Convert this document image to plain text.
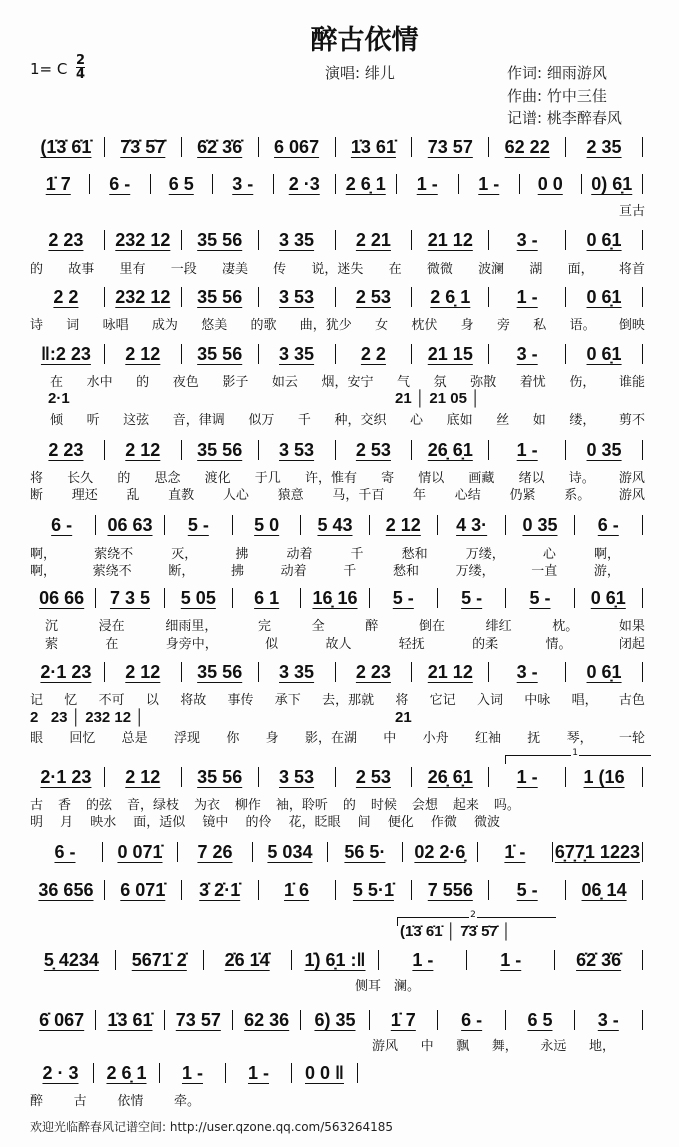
醉古依情
1= C 2
4	演唱: 绯儿	作词: 细雨游风
作曲: 竹中三佳
记谱: 桃李醉春风
(1̇3̇ 6̇1̇	7̇3̇ 5̇7̇	6̇2̇ 3̇6̇	6 067	1̇3 61̇	73 57	62 22	2 35
1̇ 7	6 -	6 5	3 -	2 ·3	2 6̣ 1	1 -	1 -	0 0	0) 6̣1
亘古
2 23	232 12	35 56	3 35	2 21	21 12	3 -	0 6̣1
的 故事 里有 一段 凄美 传 说，迷失 在 微微 波澜 湖 面， 将首
2 2	232 12	35 56	3 53	2 53	2 6̣ 1	1 -	0 6̣1
诗 词 咏唱 成为 悠美 的歌 曲，犹少 女 枕伏 身 旁 私 语。 倒映
‖:2 23	2 12	35 56	3 35	2 2	21 15	3 -	0 6̣1
在 水中 的 夜色 影子 如云 烟，安宁 气 氛 弥散 着忧 伤， 谁能
倾 听 这弦 音，律调 似万 千 种，交织 心 底如 丝 如 缕， 剪不
2·1	21 │ 21 05 │
2 23	2 12	35 56	3 53	2 53	26̣ 6̣1	1 -	0 35
将 长久 的 思念 渡化 于几 许，惟有 寄 情以 画藏 绪以 诗。 游风
断 理还 乱 直教 人心 猿意 马，千百 年 心结 仍紧 系。 游风
6 -	06 63	5 -	5 0	5 43	2 12	4 3·	0 35	6 -
啊，	萦绕不	灭，	拂	动着	千	愁和	万缕，	心	啊，
啊，	萦绕不	断，	拂	动着	千	愁和	万缕，	一直	游，
06 66	7 3 5	5 05	6 1	16̣ 16	5 -	5 -	5 -	0 6̣1
沉	浸在	细雨里，	完	全	醉	倒在	绯红	枕。	如果
萦	在	身旁中，	似	故人	轻抚	的柔	情。	闭起
2·1 23	2 12	35 56	3 35	2 23	21 12	3 -	0 6̣1
记 忆 不可 以 将故 事传 承下 去，那就 将 它记 入词 中咏 唱， 古色
眼 回忆 总是 浮现 你 身 影，在湖 中 小舟 红袖 抚 琴， 一轮
2   23 │ 232 12 │	21
2·1 23	2 12	35 56	3 53	2 53	26̣ 6̣1	1 -	1 (16
古 香 的弦 音，绿枝 为衣 柳作 袖，聆听 的 时候 会想 起来 吗。
明 月 映水 面，适似 镜中 的伶 花，眨眼 间 便化 作微 微波
1
6 -	0 071̇	7 26	5 034	56 5·	02 2·6̣	1̇ -	6̣7̣7̣1 1223
36 656	6 071̇	3̇ 2̇·1̇	1̇ 6	5 5·1̇	7 556	5 -	06̣ 14
5̣ 4234	5671̇ 2̇	2̇6 1̇4̇	1̇) 6̣1 :‖	1 -	1 -	6̇2̇ 3̇6̇
侧耳 澜。
(1̇3̇ 6̇1̇ │ 7̇3̇ 5̇7̇ │
2
6̇ 067	1̇3 61̇	73 57	62 36	6) 35	1̇ 7	6 -	6 5	3 -
游风 中 飘 舞， 永远 地，
2 · 3	2 6̣ 1	1 -	1 -	0 0 ‖
醉 古 依情 牵。
欢迎光临醉春风记谱空间: http://user.qzone.qq.com/563264185
